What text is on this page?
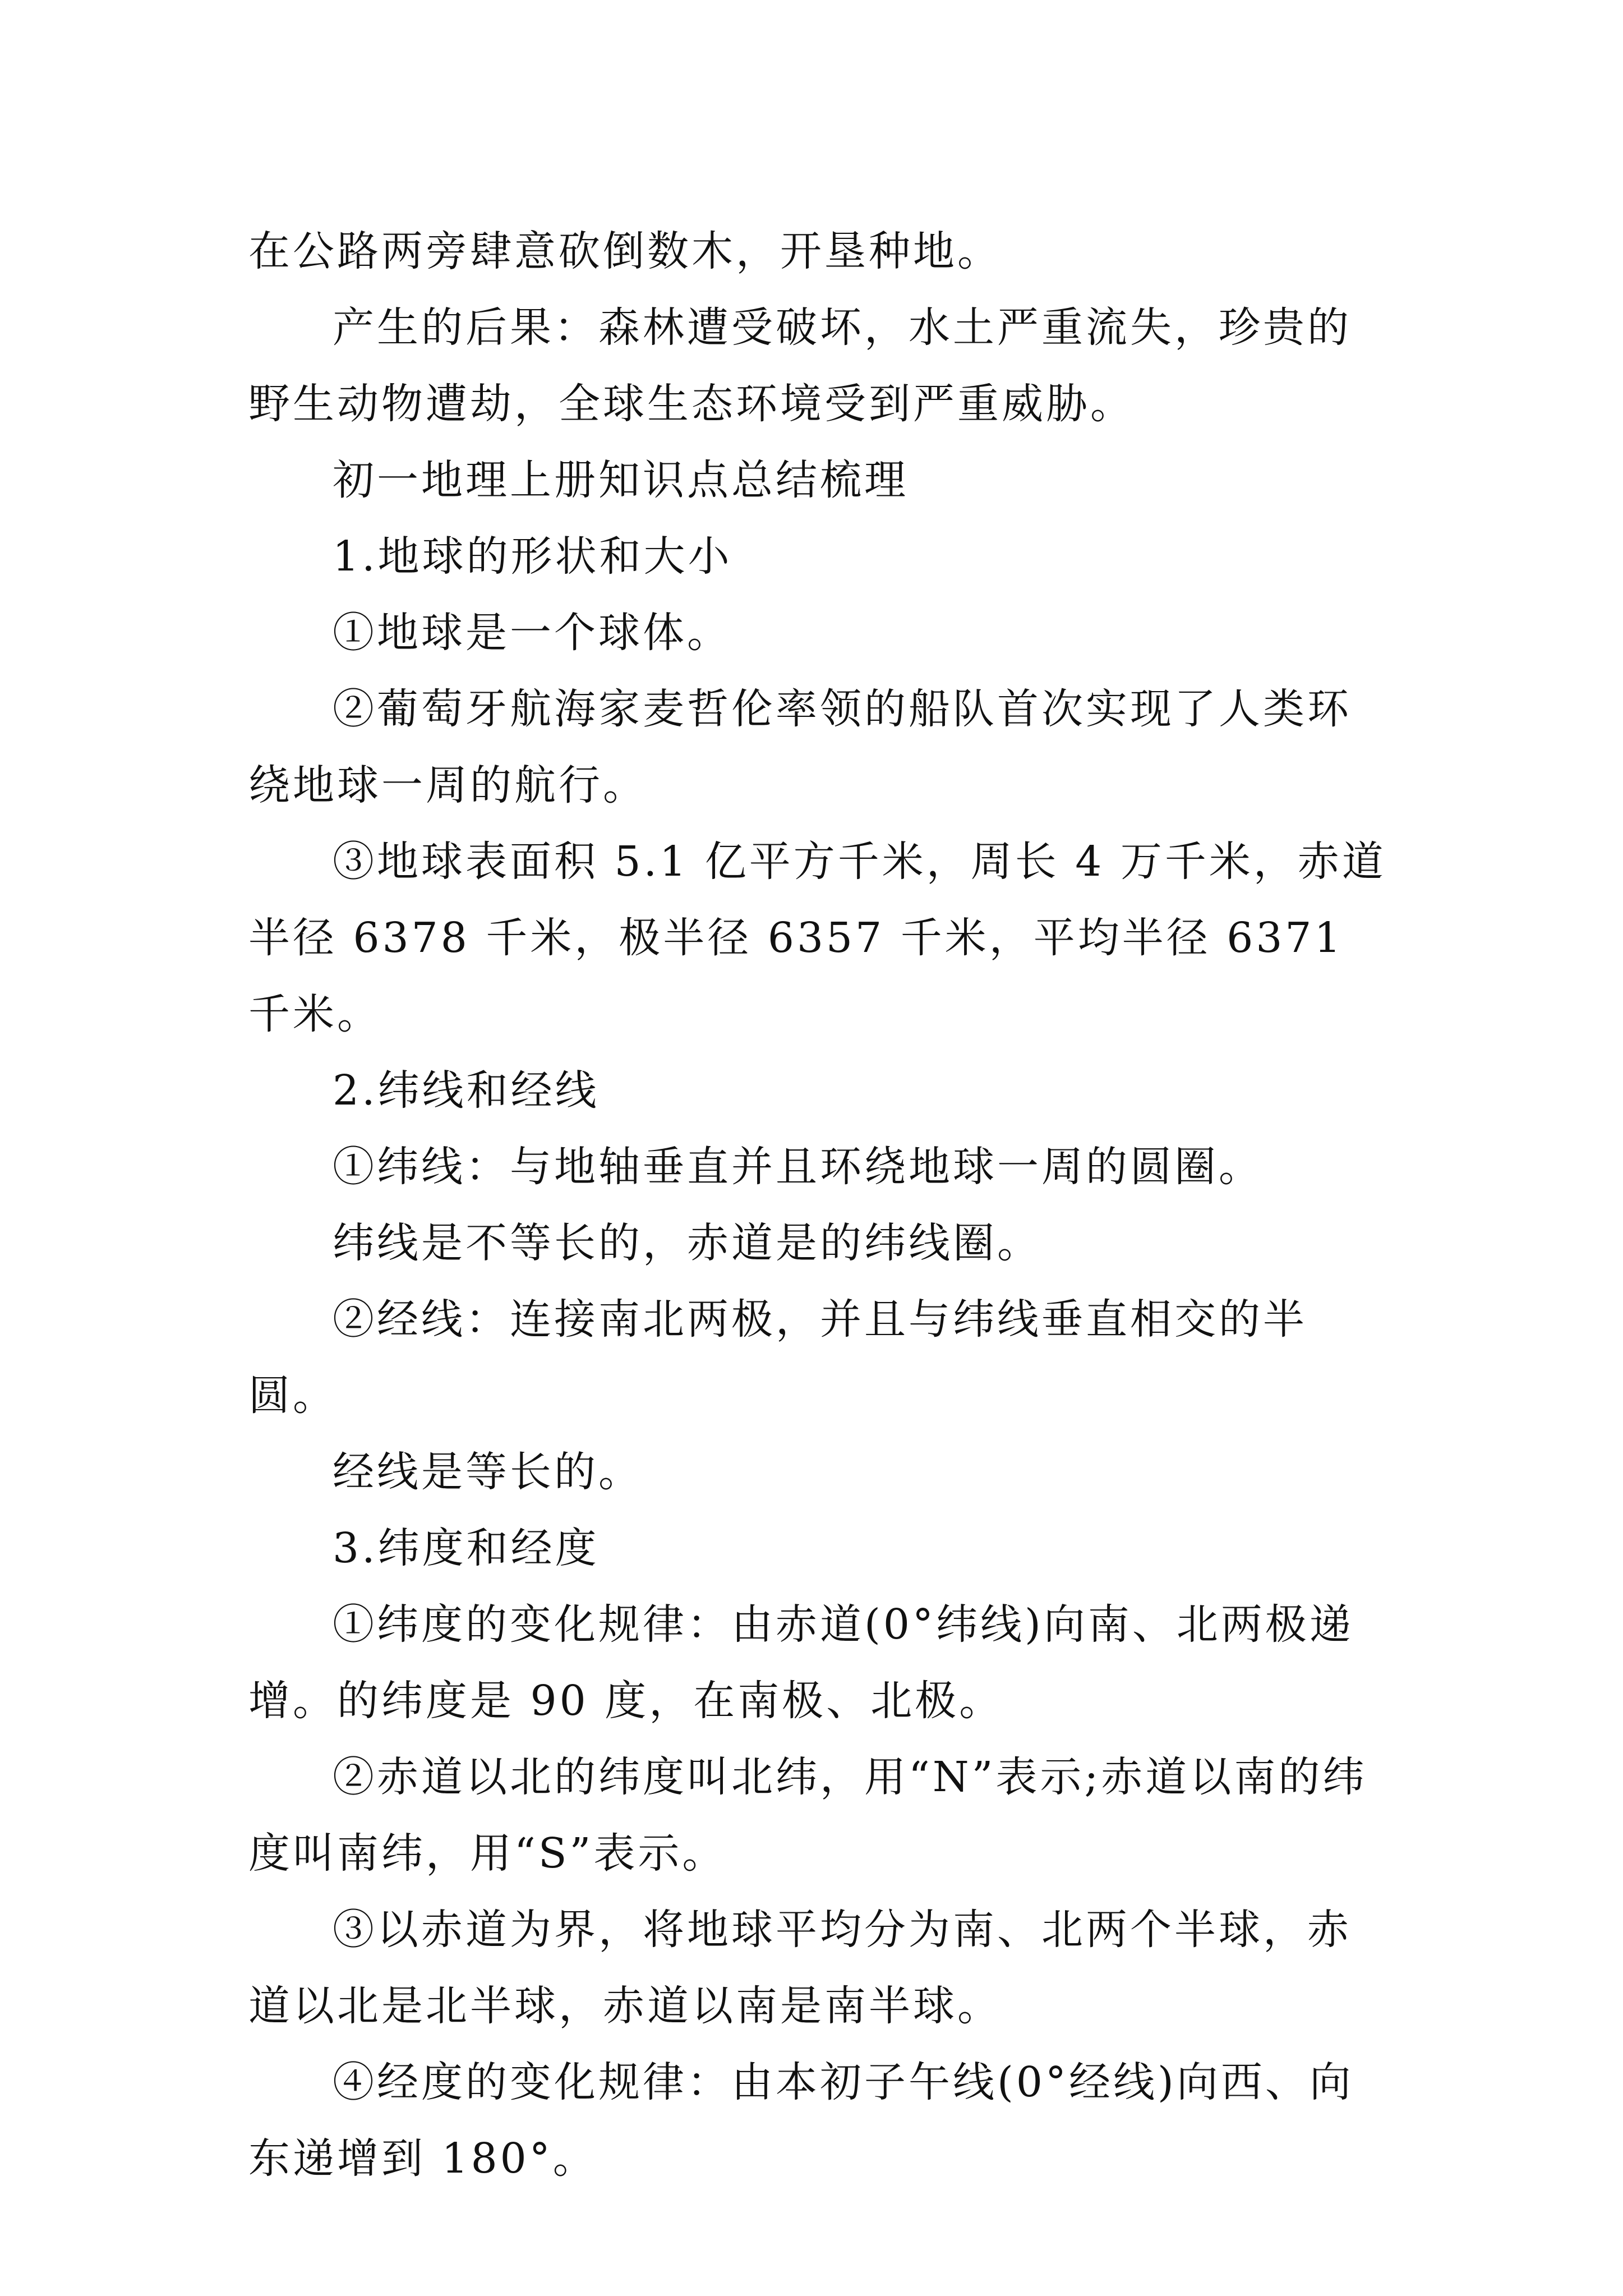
在公路两旁肆意砍倒数木，开垦种地。

产生的后果：森林遭受破坏，水土严重流失，珍贵的野生动物遭劫，全球生态环境受到严重威胁。

初一地理上册知识点总结梳理

1.地球的形状和大小

①地球是一个球体。

②葡萄牙航海家麦哲伦率领的船队首次实现了人类环绕地球一周的航行。

③地球表面积 5.1 亿平方千米，周长 4 万千米，赤道半径 6378 千米，极半径 6357 千米，平均半径 6371 千米。

2.纬线和经线

①纬线：与地轴垂直并且环绕地球一周的圆圈。

纬线是不等长的，赤道是的纬线圈。

②经线：连接南北两极，并且与纬线垂直相交的半圆。

经线是等长的。

3.纬度和经度

①纬度的变化规律：由赤道(0°纬线)向南、北两极递增。的纬度是 90 度，在南极、北极。

②赤道以北的纬度叫北纬，用“N”表示;赤道以南的纬度叫南纬，用“S”表示。

③以赤道为界，将地球平均分为南、北两个半球，赤道以北是北半球，赤道以南是南半球。

④经度的变化规律：由本初子午线(0°经线)向西、向东递增到 180°。
